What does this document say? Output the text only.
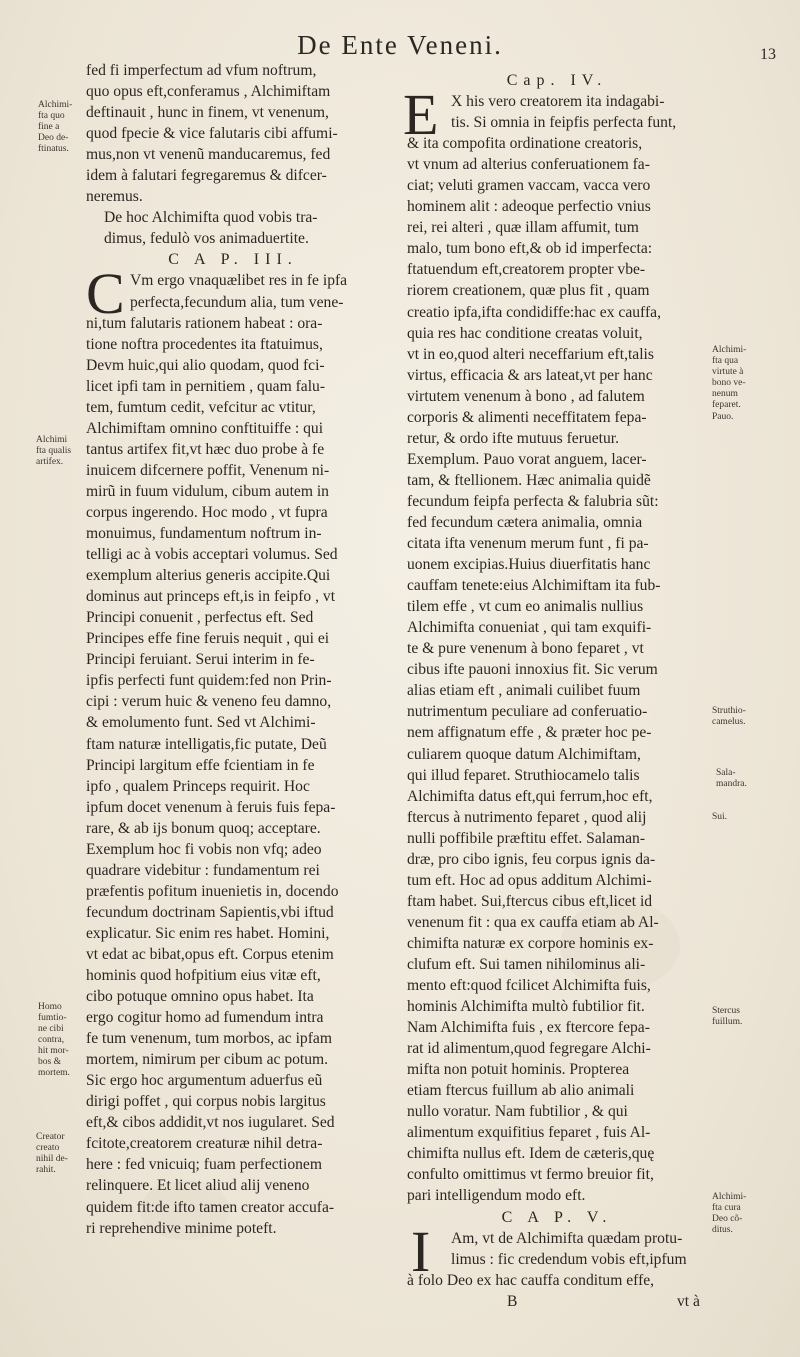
De Ente Veneni.	13
fed fi imperfectum ad vfum noftrum,
quo opus eft,conferamus , Alchimiftam
deftinauit , hunc in finem, vt venenum,
quod fpecie & vice falutaris cibi affumi-
mus,non vt venenũ manducaremus, fed
idem à falutari fegregaremus & difcer-
neremus.
De hoc Alchimifta quod vobis tra-
dimus, fedulò vos animaduertite.
C A P. III.
C Vm ergo vnaquælibet res in fe ipfa
perfecta,fecundum alia, tum vene-
ni,tum falutaris rationem habeat : ora-
tione noftra procedentes ita ftatuimus,
Devm huic,qui alio quodam, quod fci-
licet ipfi tam in pernitiem , quam falu-
tem, fumtum cedit, vefcitur ac vtitur,
Alchimiftam omnino conftituiffe : qui
tantus artifex fit,vt hæc duo probe à fe
inuicem difcernere poffit, Venenum ni-
mirũ in fuum vidulum, cibum autem in
corpus ingerendo. Hoc modo , vt fupra
monuimus, fundamentum noftrum in-
telligi ac à vobis acceptari volumus. Sed
exemplum alterius generis accipite.Qui
dominus aut princeps eft,is in feipfo , vt
Principi conuenit , perfectus eft. Sed
Principes effe fine feruis nequit , qui ei
Principi feruiant. Serui interim in fe-
ipfis perfecti funt quidem:fed non Prin-
cipi : verum huic & veneno feu damno,
& emolumento funt. Sed vt Alchimi-
ftam naturæ intelligatis,fic putate, Deũ
Principi largitum effe fcientiam in fe
ipfo , qualem Princeps requirit. Hoc
ipfum docet venenum à feruis fuis fepa-
rare, & ab ijs bonum quoq; acceptare.
Exemplum hoc fi vobis non vfq; adeo
quadrare videbitur : fundamentum rei
præfentis pofitum inuenietis in, docendo
fecundum doctrinam Sapientis,vbi iftud
explicatur. Sic enim res habet. Homini,
vt edat ac bibat,opus eft. Corpus etenim
hominis quod hofpitium eius vitæ eft,
cibo potuque omnino opus habet. Ita
ergo cogitur homo ad fumendum intra
fe tum venenum, tum morbos, ac ipfam
mortem, nimirum per cibum ac potum.
Sic ergo hoc argumentum aduerfus eũ
dirigi poffet , qui corpus nobis largitus
eft,& cibos addidit,vt nos iugularet. Sed
fcitote,creatorem creaturæ nihil detra-
here : fed vnicuiq; fuam perfectionem
relinquere. Et licet aliud alij veneno
quidem fit:de ifto tamen creator accufa-
ri reprehendive minime poteft.
Cap. IV.
E X his vero creatorem ita indagabi-
tis. Si omnia in feipfis perfecta funt,
& ita compofita ordinatione creatoris,
vt vnum ad alterius conferuationem fa-
ciat; veluti gramen vaccam, vacca vero
hominem alit : adeoque perfectio vnius
rei, rei alteri , quæ illam affumit, tum
malo, tum bono eft,& ob id imperfecta:
ftatuendum eft,creatorem propter vbe-
riorem creationem, quæ plus fit , quam
creatio ipfa,ifta condidiffe:hac ex cauffa,
quia res hac conditione creatas voluit,
vt in eo,quod alteri neceffarium eft,talis
virtus, efficacia & ars lateat,vt per hanc
virtutem venenum à bono , ad falutem
corporis & alimenti neceffitatem fepa-
retur, & ordo ifte mutuus feruetur.
Exemplum. Pauo vorat anguem, lacer-
tam, & ftellionem. Hæc animalia quidẽ
fecundum feipfa perfecta & falubria sũt:
fed fecundum cætera animalia, omnia
citata ifta venenum merum funt , fi pa-
uonem excipias.Huius diuerfitatis hanc
cauffam tenete:eius Alchimiftam ita fub-
tilem effe , vt cum eo animalis nullius
Alchimifta conueniat , qui tam exquifi-
te & pure venenum à bono feparet , vt
cibus ifte pauoni innoxius fit. Sic verum
alias etiam eft , animali cuilibet fuum
nutrimentum peculiare ad conferuatio-
nem affignatum effe , & præter hoc pe-
culiarem quoque datum Alchimiftam,
qui illud feparet. Struthiocamelo talis
Alchimifta datus eft,qui ferrum,hoc eft,
ftercus à nutrimento feparet , quod alij
nulli poffibile præftitu effet. Salaman-
dræ, pro cibo ignis, feu corpus ignis da-
tum eft. Hoc ad opus additum Alchimi-
ftam habet. Sui,ftercus cibus eft,licet id
venenum fit : qua ex cauffa etiam ab Al-
chimifta naturæ ex corpore hominis ex-
clufum eft. Sui tamen nihilominus ali-
mento eft:quod fcilicet Alchimifta fuis,
hominis Alchimifta multò fubtilior fit.
Nam Alchimifta fuis , ex ftercore fepa-
rat id alimentum,quod fegregare Alchi-
mifta non potuit hominis. Propterea
etiam ftercus fuillum ab alio animali
nullo voratur. Nam fubtilior , & qui
alimentum exquifitius feparet , fuis Al-
chimifta nullus eft. Idem de cæteris,quę
confulto omittimus vt fermo breuior fit,
pari intelligendum modo eft.
C A P. V.
I	Am, vt de Alchimifta quædam protu-
limus : fic credendum vobis eft,ipfum
à folo Deo ex hac cauffa conditum effe,
B	vt à
Alchimi-
fta quo
fine a
Deo de-
ftinatus.
Alchimi
fta qualis
artifex.
Homo
fumtio-
ne cibi
contra,
hit mor-
bos &
mortem.
Creator
creato
nihil de-
rahit.
Alchimi-
fta qua
virtute à
bono ve-
nenum
feparet.
Pauo.
Struthio-
camelus.
Sala-
mandra.
Sui.
Stercus
fuillum.
Alchimi-
fta cura
Deo cõ-
ditus.
